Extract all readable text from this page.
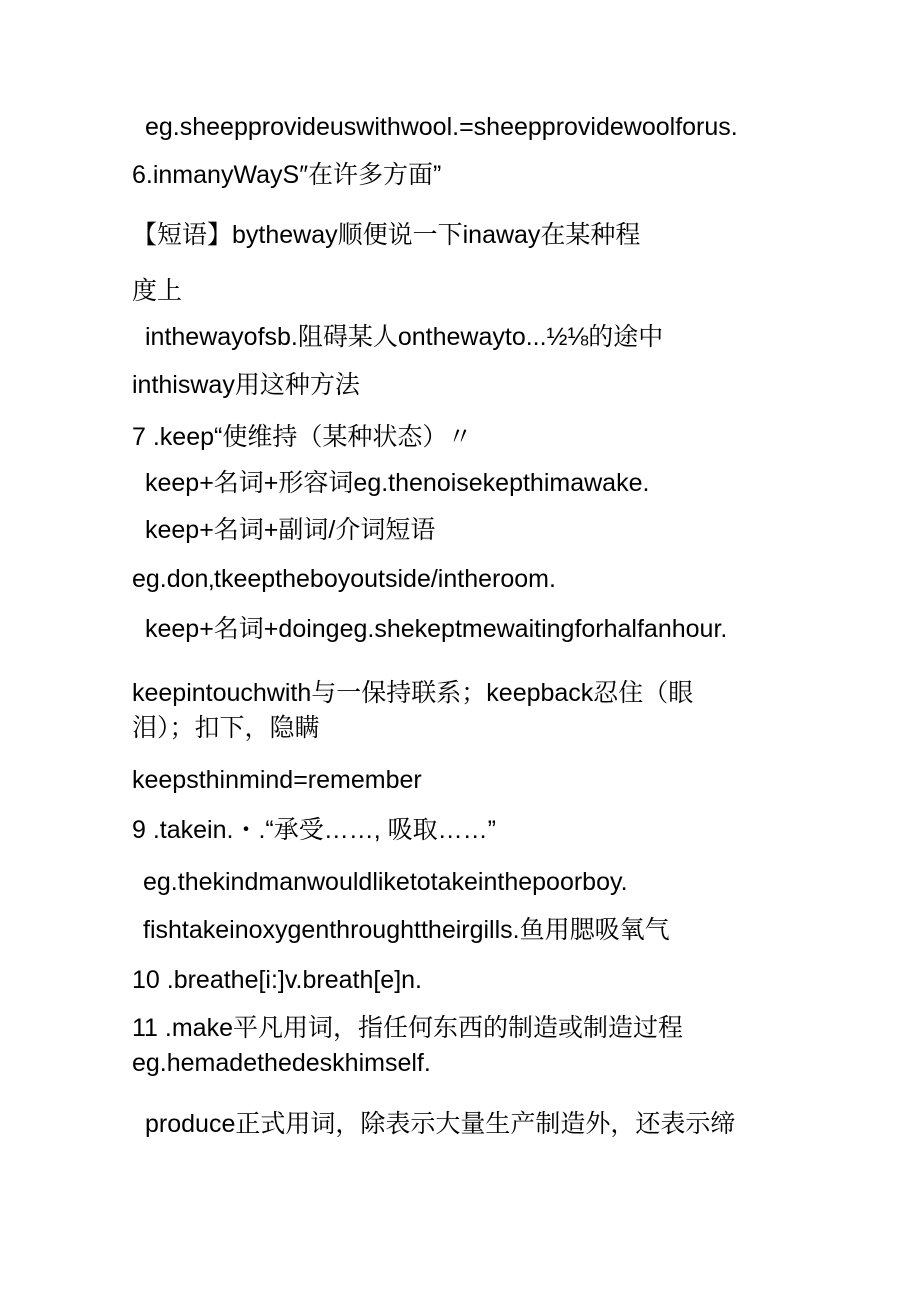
eg.sheepprovideuswithwool.=sheepprovidewoolforus.
6.inmanyWayS″在许多方面”
【短语】bytheway顺便说一下inaway在某种程
度上
inthewayofsb.阻碍某人onthewayto...½⅛的途中
inthisway用这种方法
7 .keep“使维持（某种状态）〃
keep+名词+形容词eg.thenoisekepthimawake.
keep+名词+副词/介词短语
eg.don‚tkeeptheboyoutside/intheroom.
keep+名词+doingeg.shekeptmewaitingforhalfanhour.
keepintouchwith与一保持联系；keepback忍住（眼
泪）；扣下，隐瞒
keepsthinmind=remember
9 .takein.・.“承受……, 吸取……”
eg.thekindmanwouldliketotakeinthepoorboy.
fishtakeinoxygenthroughttheirgills.鱼用腮吸氧气
10 .breathe[i:]v.breath[e]n.
11 .make平凡用词，指任何东西的制造或制造过程
eg.hemadethedeskhimself.
produce正式用词，除表示大量生产制造外，还表示缔
